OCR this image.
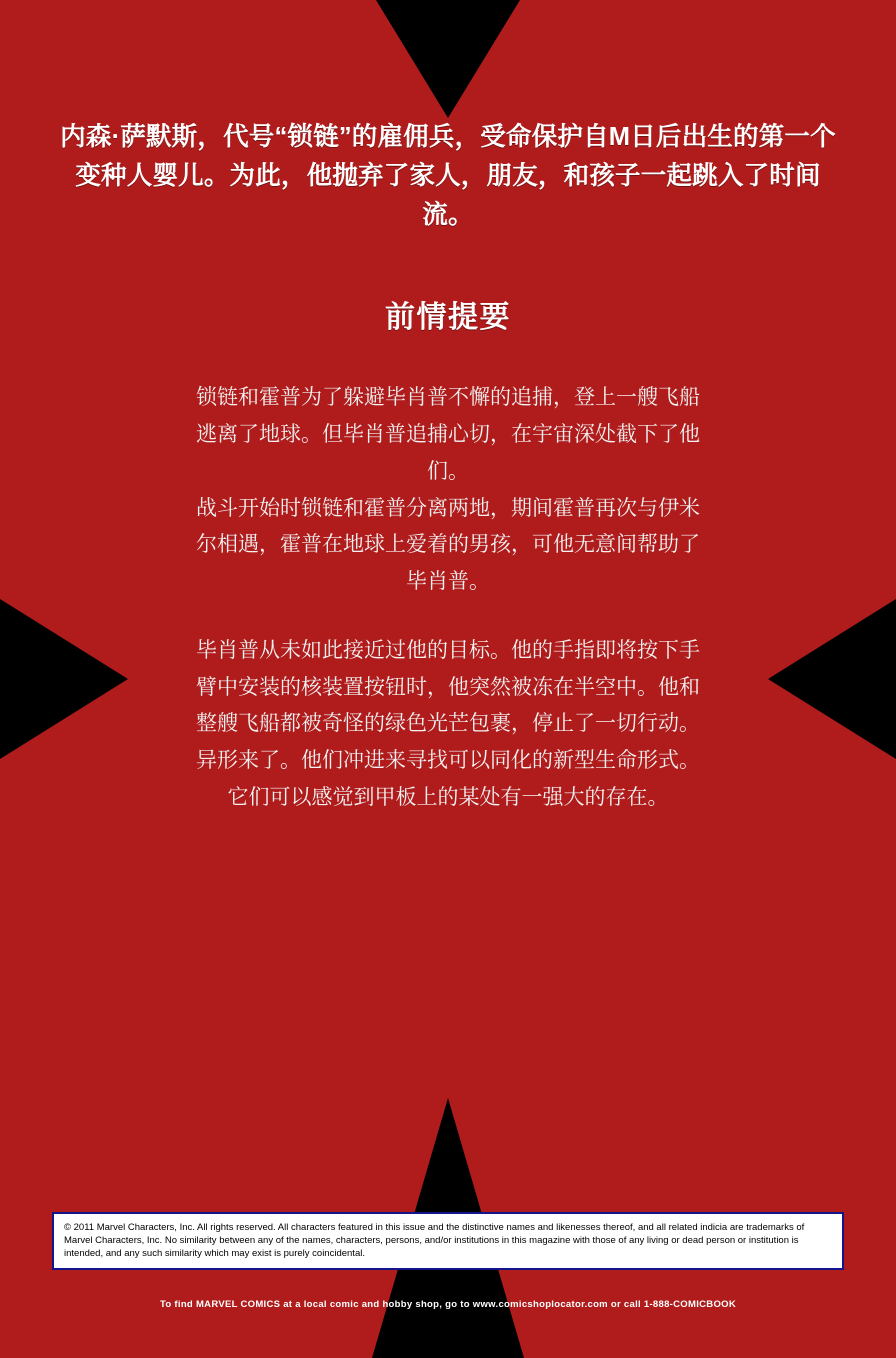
内森·萨默斯，代号“锁链”的雇佣兵，受命保护自M日后出生的第一个变种人婴儿。为此，他抛弃了家人，朋友，和孩子一起跳入了时间流。
前情提要

锁链和霍普为了躲避毕肖普不懈的追捕，登上一艘飞船逃离了地球。但毕肖普追捕心切，在宇宙深处截下了他们。

战斗开始时锁链和霍普分离两地，期间霍普再次与伊米尔相遇，霍普在地球上爱着的男孩，可他无意间帮助了毕肖普。

毕肖普从未如此接近过他的目标。他的手指即将按下手臂中安装的核装置按钮时，他突然被冻在半空中。他和整艘飞船都被奇怪的绿色光芒包裹，停止了一切行动。

异形来了。他们冲进来寻找可以同化的新型生命形式。

它们可以感觉到甲板上的某处有一强大的存在。

© 2011 Marvel Characters, Inc. All rights reserved. All characters featured in this issue and the distinctive names and likenesses thereof, and all related indicia are trademarks of Marvel Characters, Inc. No similarity between any of the names, characters, persons, and/or institutions in this magazine with those of any living or dead person or institution is intended, and any such similarity which may exist is purely coincidental.
To find MARVEL COMICS at a local comic and hobby shop, go to www.comicshoplocator.com or call 1-888-COMICBOOK
